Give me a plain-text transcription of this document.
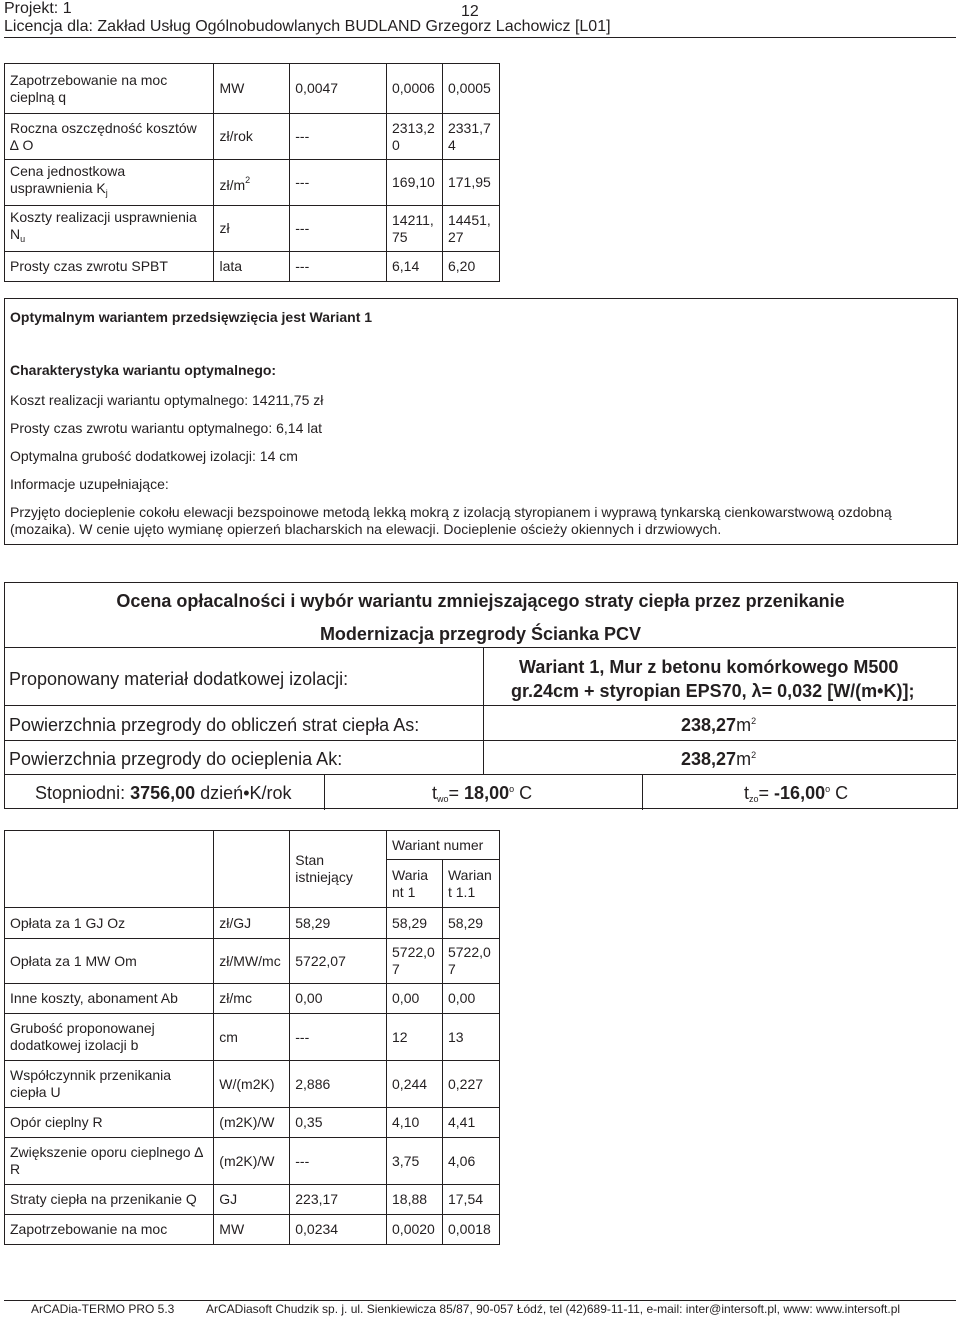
Projekt: 1	12
Licencja dla: Zakład Usług Ogólnobudowlanych BUDLAND Grzegorz Lachowicz [L01]
Zapotrzebowanie na moc cieplną q	MW	0,0047	0,0006	0,0005
Roczna oszczędność kosztów
∆ O	zł/rok	---	2313,2 0	2331,7 4
Cena jednostkowa usprawnienia $K_j$	$zł/m^2$	---	169,10	171,95
Koszty realizacji usprawnienia $N_u$	zł	---	14211, 75	14451, 27
Prosty czas zwrotu SPBT	lata	---	6,14	6,20
Optymalnym wariantem przedsięwzięcia jest Wariant 1
Charakterystyka wariantu optymalnego:
Koszt realizacji wariantu optymalnego: 14211,75 zł
Prosty czas zwrotu wariantu optymalnego: 6,14 lat
Optymalna grubość dodatkowej izolacji: 14 cm
Informacje uzupełniające:
Przyjęto docieplenie cokołu elewacji bezspoinowe metodą lekką mokrą z izolacją styropianem i wyprawą tynkarską cienkowarstwową ozdobną (mozaika). W cenie ujęto wymianę opierzeń blacharskich na elewacji. Docieplenie ościeży okiennych i drzwiowych.
Ocena opłacalności i wybór wariantu zmniejszającego straty ciepła przez przenikanie
Modernizacja przegrody Ścianka PCV
Proponowany materiał dodatkowej izolacji:
Wariant 1, Mur z betonu komórkowego M500
gr.24cm + styropian EPS70, λ= 0,032 [W/(m•K)];
Powierzchnia przegrody do obliczeń strat ciepła As:	$238,27m^2$
Powierzchnia przegrody do ocieplenia Ak:	$238,27m^2$
Stopniodni: 3756,00 dzień•K/rok	$t_{wo}= 18,00^o$ C	$t_{zo}= -16,00^o$ C
		Stan istniejący	Wariant numer	
			Waria nt 1	Warian t 1.1
Opłata za 1 GJ Oz	zł/GJ	58,29	58,29	58,29
Opłata za 1 MW Om	zł/MW/mc	5722,07	5722,0 7	5722,0 7
Inne koszty, abonament Ab	zł/mc	0,00	0,00	0,00
Grubość proponowanej dodatkowej izolacji b	cm	---	12	13
Współczynnik przenikania ciepła U	W/(m2K)	2,886	0,244	0,227
Opór cieplny R	(m2K)/W	0,35	4,10	4,41
Zwiększenie oporu cieplnego ∆ R	(m2K)/W	---	3,75	4,06
Straty ciepła na przenikanie Q	GJ	223,17	18,88	17,54
Zapotrzebowanie na moc	MW	0,0234	0,0020	0,0018
ArCADia-TERMO PRO 5.3	ArCADiasoft Chudzik sp. j. ul. Sienkiewicza 85/87, 90-057 Łódź, tel (42)689-11-11, e-mail: inter@intersoft.pl, www: www.intersoft.pl
